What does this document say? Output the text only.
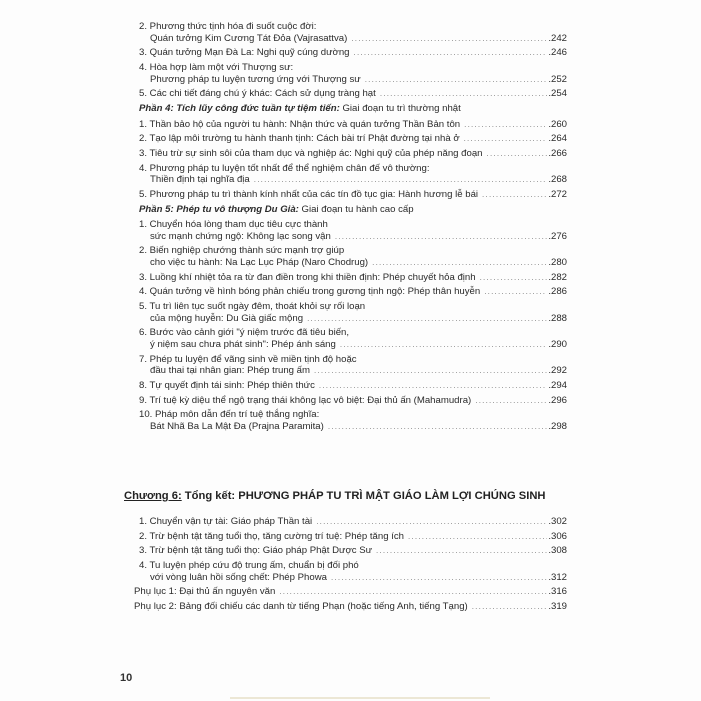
2. Phương thức tịnh hóa đi suốt cuộc đời:
Quán tưởng Kim Cương Tát Đỏa (Vajrasattva) . . .	.242
3. Quán tưởng Mạn Đà La: Nghi quỹ cúng dường . . .	.246
4. Hòa hợp làm một với Thượng sư:
Phương pháp tu luyện tương ứng với Thượng sư . . .	.252
5. Các chi tiết đáng chú ý khác: Cách sử dụng tràng hạt . . .	.254
Phần 4: Tích lũy công đức tuần tự tiệm tiến: Giai đoạn tu trì thường nhật
1. Thần bảo hộ của người tu hành: Nhận thức và quán tưởng Thần Bản tôn . . .	.260
2. Tạo lập môi trường tu hành thanh tịnh: Cách bài trí Phật đường tại nhà ở . . .	.264
3. Tiêu trừ sự sinh sôi của tham dục và nghiệp ác: Nghi quỹ của phép năng đoạn . . .	.266
4. Phương pháp tu luyện tốt nhất để thể nghiệm chân đế vô thường:
Thiền định tại nghĩa địa . . .	.268
5. Phương pháp tu trì thành kính nhất của các tín đồ tục gia: Hành hương lễ bái . . .	.272
Phần 5: Phép tu vô thượng Du Già: Giai đoạn tu hành cao cấp
1. Chuyển hóa lòng tham dục tiêu cực thành
sức mạnh chứng ngộ: Không lạc song vận . . .	.276
2. Biến nghiệp chướng thành sức mạnh trợ giúp
cho việc tu hành: Na Lạc Lục Pháp (Naro Chodrug) . . .	.280
3. Luồng khí nhiệt tỏa ra từ đan điền trong khi thiền định: Phép chuyết hỏa định . . .	.282
4. Quán tưởng về hình bóng phản chiếu trong gương tịnh ngộ: Phép thân huyễn . . .	.286
5. Tu trì liên tục suốt ngày đêm, thoát khỏi sự rối loạn
của mộng huyễn: Du Già giấc mộng . . .	.288
6. Bước vào cảnh giới "ý niệm trước đã tiêu biến,
ý niệm sau chưa phát sinh": Phép ánh sáng . . .	.290
7. Phép tu luyện để vãng sinh về miền tịnh độ hoặc
đầu thai tại nhân gian: Phép trung ấm . . .	.292
8. Tự quyết định tái sinh: Phép thiên thức . . .	.294
9. Trí tuệ kỳ diệu thể ngộ trạng thái không lạc vô biệt: Đại thủ ấn (Mahamudra) . . .	.296
10. Pháp môn dẫn đến trí tuệ thắng nghĩa:
Bát Nhã Ba La Mật Đa (Prajna Paramita) . . .	.298
Chương 6: Tổng kết: PHƯƠNG PHÁP TU TRÌ MẬT GIÁO LÀM LỢI CHÚNG SINH
1. Chuyển vận tự tài: Giáo pháp Thần tài . . .	.302
2. Trừ bệnh tật tăng tuổi thọ, tăng cường trí tuệ: Phép tăng ích . . .	.306
3. Trừ bệnh tật tăng tuổi thọ: Giáo pháp Phật Dược Sư . . .	.308
4. Tu luyện phép cứu độ trung ấm, chuẩn bị đối phó
với vòng luân hồi sống chết: Phép Phowa . . .	.312
Phụ lục 1: Đại thủ ấn nguyên văn . . .	.316
Phụ lục 2: Bảng đối chiếu các danh từ tiếng Phạn (hoặc tiếng Anh, tiếng Tạng) . . .	.319
10
